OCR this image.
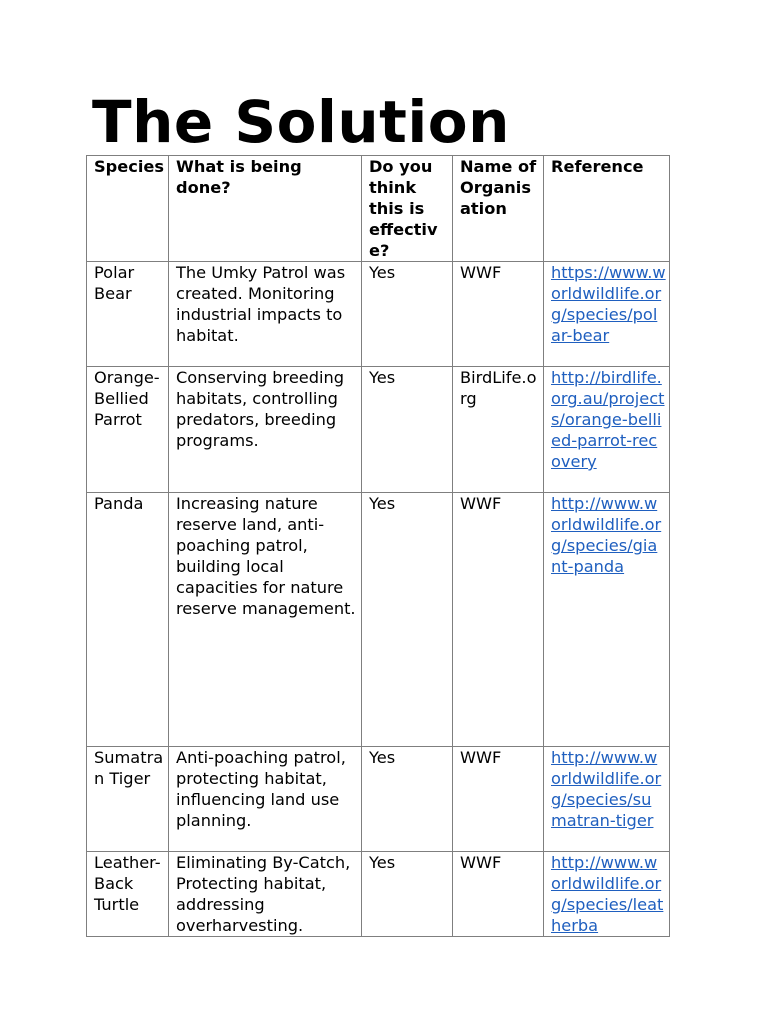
The Solution
Species	What is being done?	Do you think this is effective?	Name of Organisation	Reference
Polar Bear	The Umky Patrol was created. Monitoring industrial impacts to habitat.	Yes	WWF	https://www.worldwildlife.org/species/polar-bear
Orange-Bellied Parrot	Conserving breeding habitats, controlling predators, breeding programs.	Yes	BirdLife.org	http://birdlife.org.au/projects/orange-bellied-parrot-recovery
Panda	Increasing nature reserve land, anti-poaching patrol, building local capacities for nature reserve management.	Yes	WWF	http://www.worldwildlife.org/species/giant-panda
Sumatran Tiger	Anti-poaching patrol, protecting habitat, influencing land use planning.	Yes	WWF	http://www.worldwildlife.org/species/sumatran-tiger
Leather-Back Turtle	Eliminating By-Catch, Protecting habitat, addressing overharvesting.	Yes	WWF	http://www.worldwildlife.org/species/leatherba
